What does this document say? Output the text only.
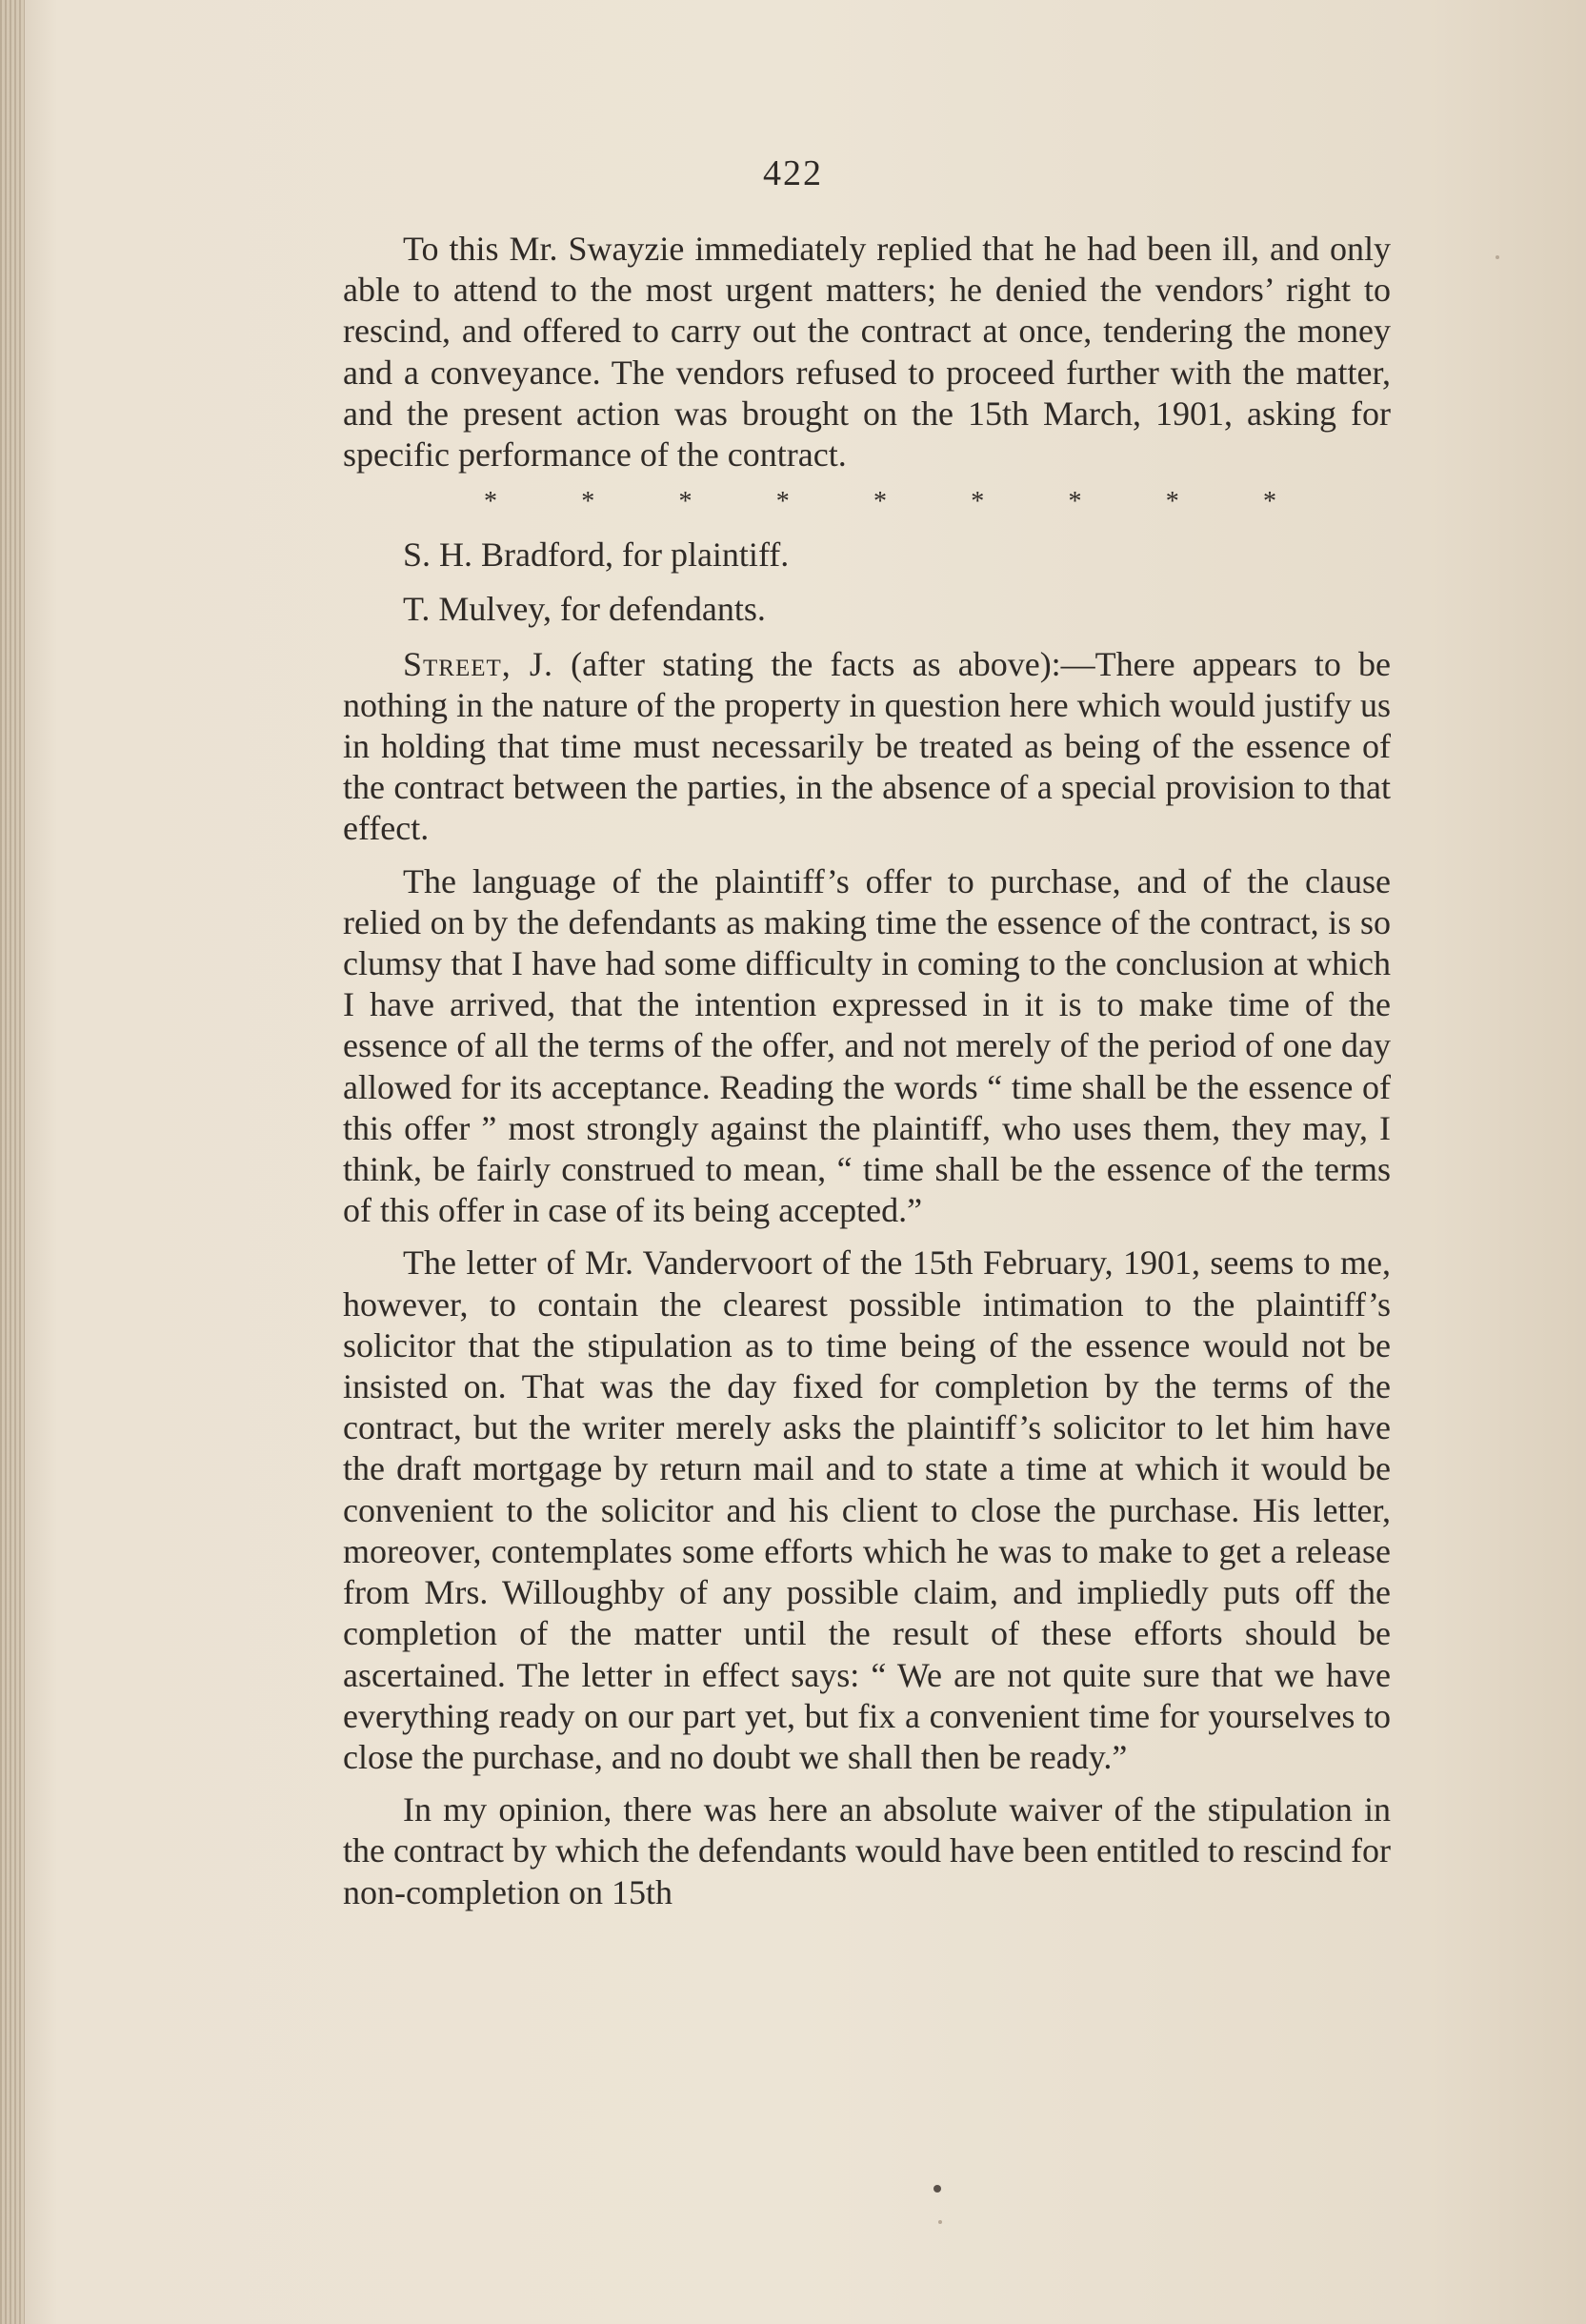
422

To this Mr. Swayzie immediately replied that he had been ill, and only able to attend to the most urgent matters; he denied the vendors’ right to rescind, and offered to carry out the contract at once, tendering the money and a conveyance. The vendors refused to proceed further with the matter, and the present action was brought on the 15th March, 1901, asking for specific performance of the contract.

*	*	*	*	*	*	*	*	*

S. H. Bradford, for plaintiff.

T. Mulvey, for defendants.

Street, J. (after stating the facts as above):—There appears to be nothing in the nature of the property in question here which would justify us in holding that time must necessarily be treated as being of the essence of the contract between the parties, in the absence of a special provision to that effect.

The language of the plaintiff’s offer to purchase, and of the clause relied on by the defendants as making time the essence of the contract, is so clumsy that I have had some difficulty in coming to the conclusion at which I have arrived, that the intention expressed in it is to make time of the essence of all the terms of the offer, and not merely of the period of one day allowed for its acceptance. Reading the words “ time shall be the essence of this offer ” most strongly against the plaintiff, who uses them, they may, I think, be fairly construed to mean, “ time shall be the essence of the terms of this offer in case of its being accepted.”

The letter of Mr. Vandervoort of the 15th February, 1901, seems to me, however, to contain the clearest possible intimation to the plaintiff’s solicitor that the stipulation as to time being of the essence would not be insisted on. That was the day fixed for completion by the terms of the contract, but the writer merely asks the plaintiff’s solicitor to let him have the draft mortgage by return mail and to state a time at which it would be convenient to the solicitor and his client to close the purchase. His letter, moreover, contemplates some efforts which he was to make to get a release from Mrs. Willoughby of any possible claim, and impliedly puts off the completion of the matter until the result of these efforts should be ascertained. The letter in effect says: “ We are not quite sure that we have everything ready on our part yet, but fix a convenient time for yourselves to close the purchase, and no doubt we shall then be ready.”

In my opinion, there was here an absolute waiver of the stipulation in the contract by which the defendants would have been entitled to rescind for non-completion on 15th
